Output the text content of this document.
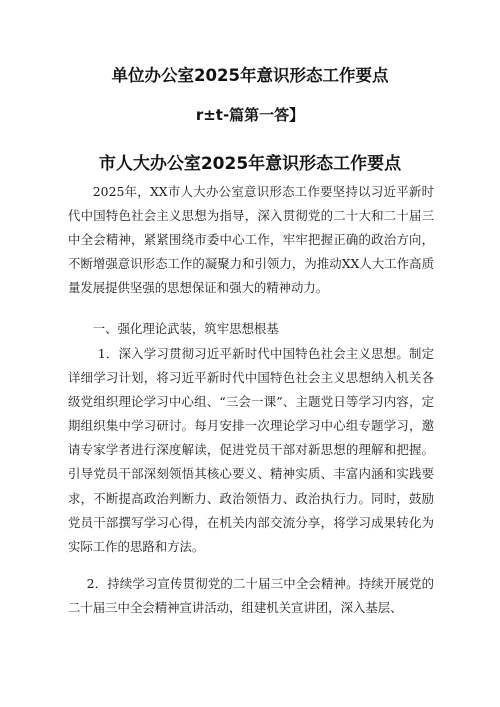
单位办公室2025年意识形态工作要点
r±t-篇第一答】
市人大办公室2025年意识形态工作要点

2025年，XX市人大办公室意识形态工作要坚持以习近平新时代中国特色社会主义思想为指导，深入贯彻党的二十大和二十届三中全会精神，紧紧围绕市委中心工作，牢牢把握正确的政治方向，不断增强意识形态工作的凝聚力和引领力，为推动XX人大工作高质量发展提供坚强的思想保证和强大的精神动力。

一、强化理论武装，筑牢思想根基

1．深入学习贯彻习近平新时代中国特色社会主义思想。制定详细学习计划，将习近平新时代中国特色社会主义思想纳入机关各级党组织理论学习中心组、“三会一课”、主题党日等学习内容，定期组织集中学习研讨。每月安排一次理论学习中心组专题学习，邀请专家学者进行深度解读，促进党员干部对新思想的理解和把握。引导党员干部深刻领悟其核心要义、精神实质、丰富内涵和实践要求，不断提高政治判断力、政治领悟力、政治执行力。同时，鼓励党员干部撰写学习心得，在机关内部交流分享，将学习成果转化为实际工作的思路和方法。

2．持续学习宣传贯彻党的二十届三中全会精神。持续开展党的二十届三中全会精神宣讲活动，组建机关宣讲团，深入基层、
